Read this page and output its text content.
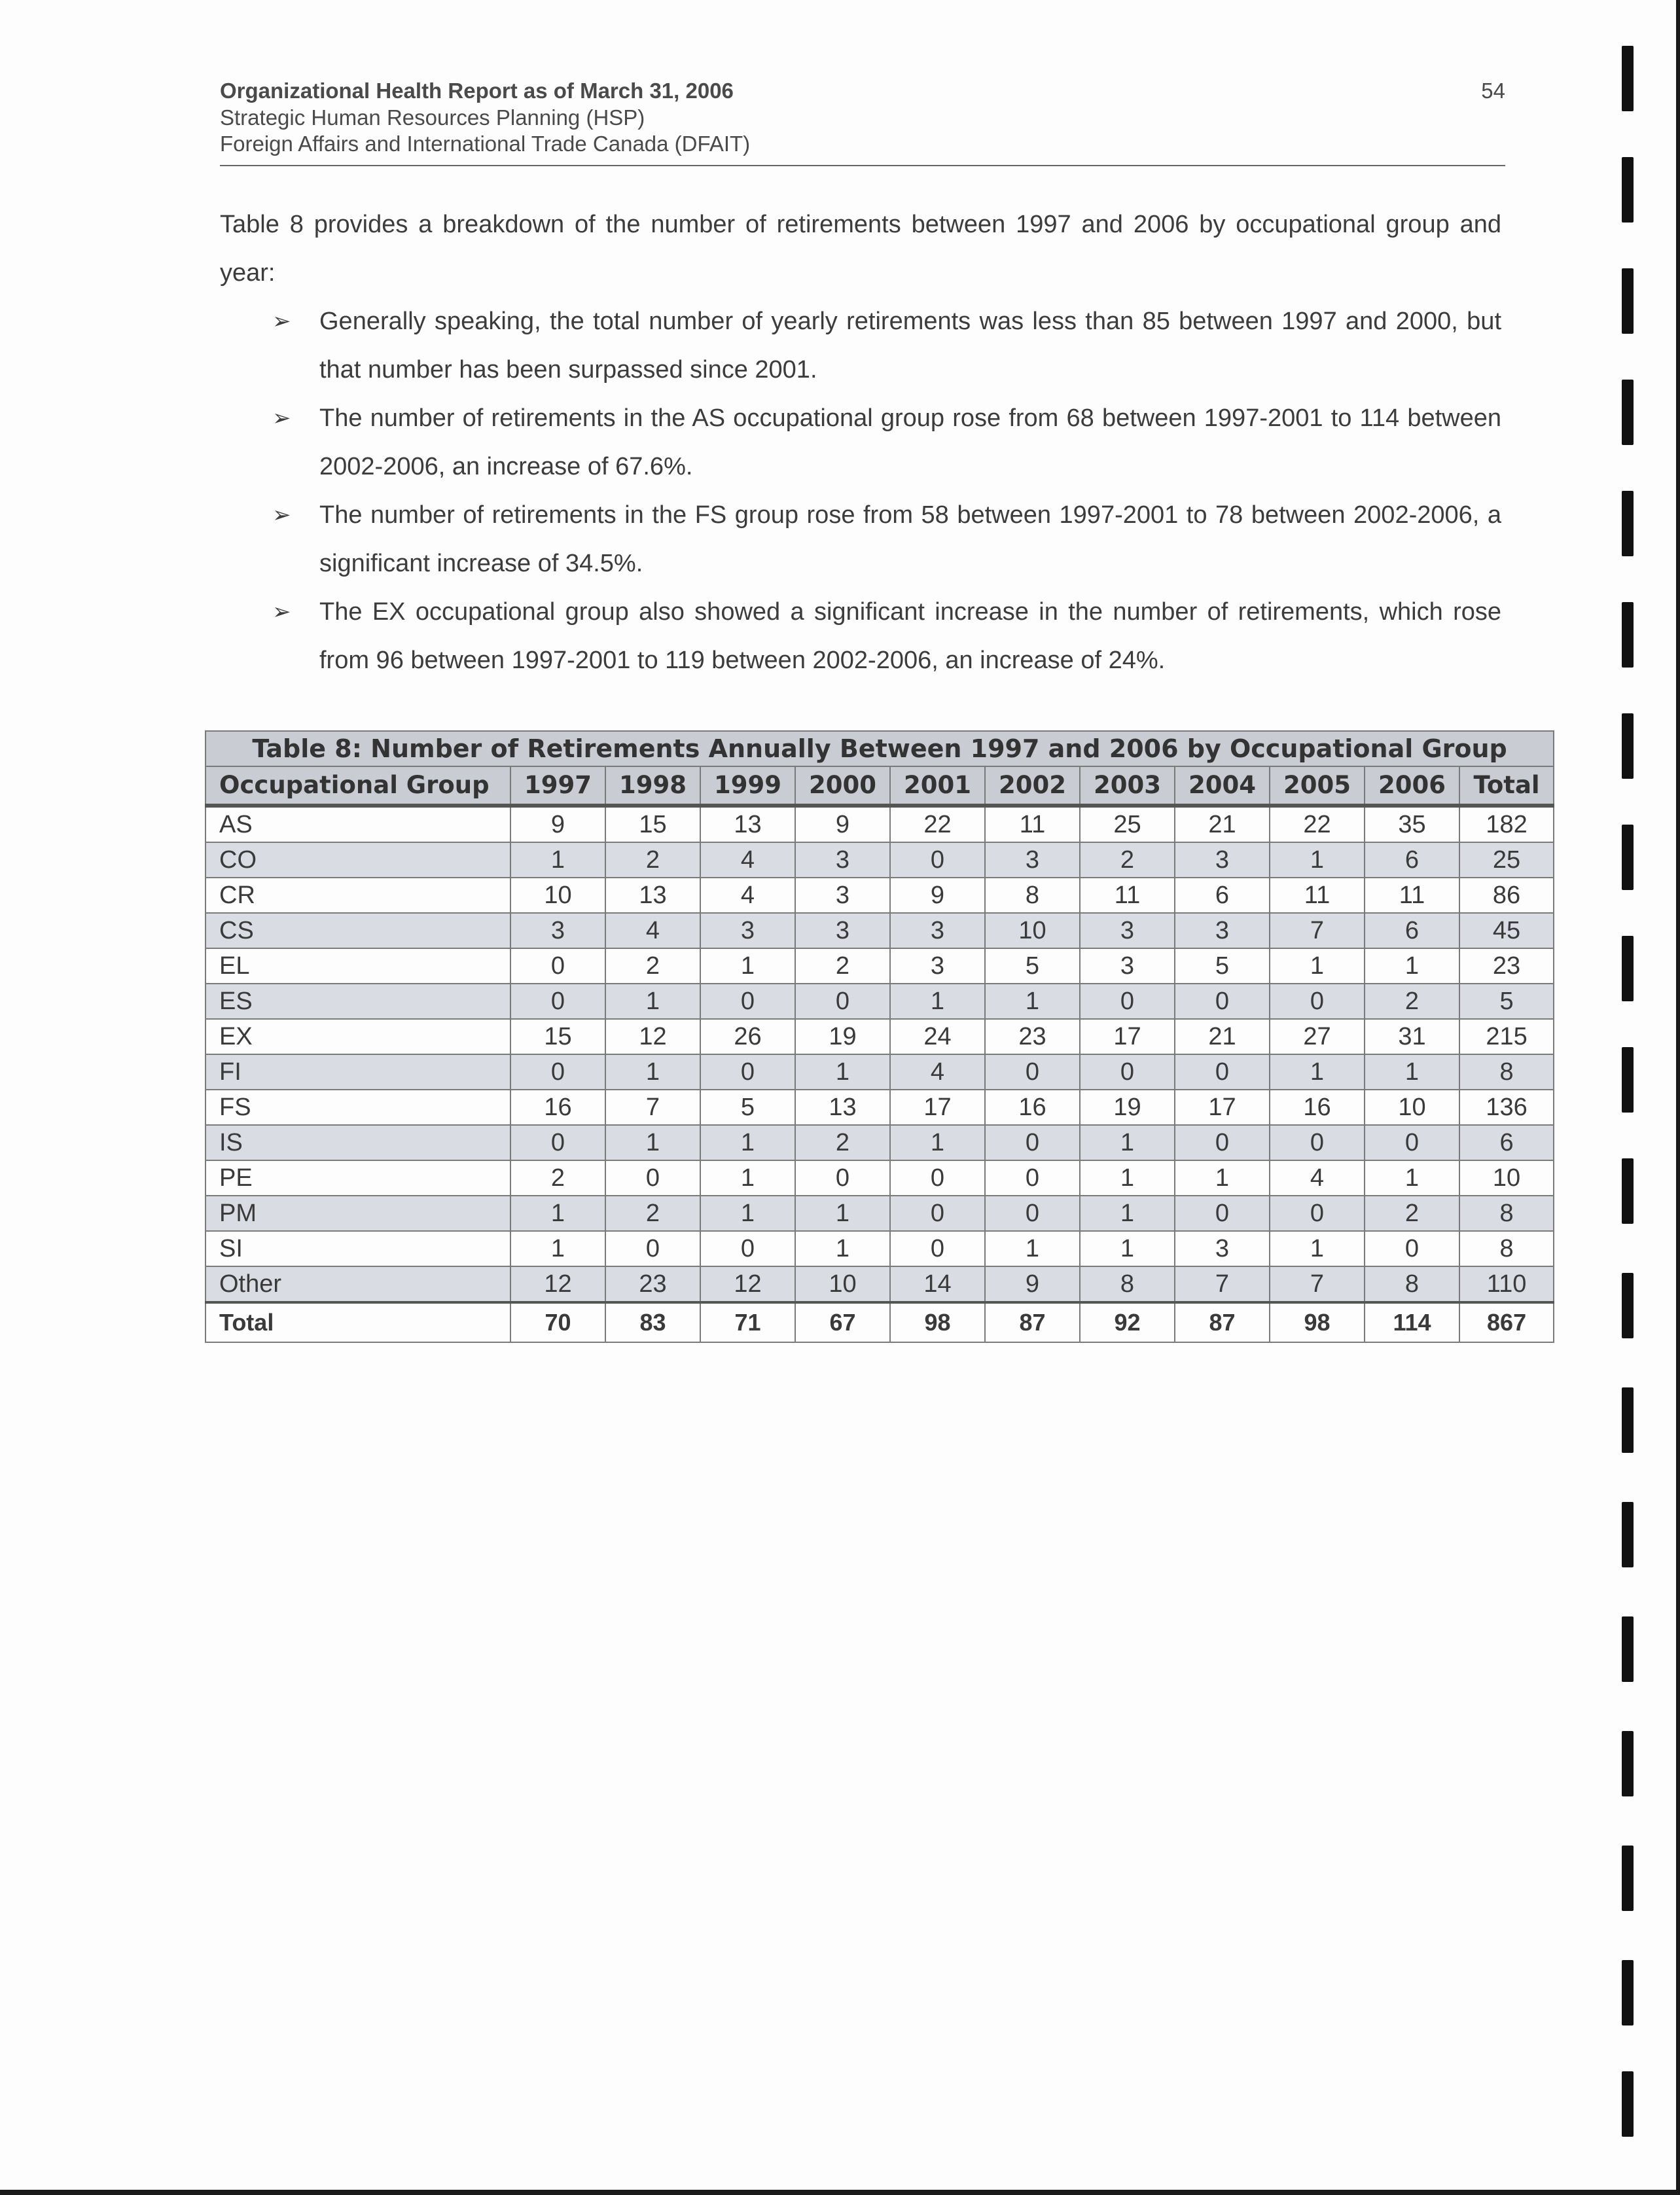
Organizational Health Report as of March 31, 2006
Strategic Human Resources Planning (HSP)
Foreign Affairs and International Trade Canada (DFAIT)
54

Table 8 provides a breakdown of the number of retirements between 1997 and 2006 by occupational group and year:

➢ Generally speaking, the total number of yearly retirements was less than 85 between 1997 and 2000, but that number has been surpassed since 2001.
➢ The number of retirements in the AS occupational group rose from 68 between 1997-2001 to 114 between 2002-2006, an increase of 67.6%.
➢ The number of retirements in the FS group rose from 58 between 1997-2001 to 78 between 2002-2006, a significant increase of 34.5%.
➢ The EX occupational group also showed a significant increase in the number of retirements, which rose from 96 between 1997-2001 to 119 between 2002-2006, an increase of 24%.
Table 8: Number of Retirements Annually Between 1997 and 2006 by Occupational Group											
Occupational Group	1997	1998	1999	2000	2001	2002	2003	2004	2005	2006	Total
AS	9	15	13	9	22	11	25	21	22	35	182
CO	1	2	4	3	0	3	2	3	1	6	25
CR	10	13	4	3	9	8	11	6	11	11	86
CS	3	4	3	3	3	10	3	3	7	6	45
EL	0	2	1	2	3	5	3	5	1	1	23
ES	0	1	0	0	1	1	0	0	0	2	5
EX	15	12	26	19	24	23	17	21	27	31	215
FI	0	1	0	1	4	0	0	0	1	1	8
FS	16	7	5	13	17	16	19	17	16	10	136
IS	0	1	1	2	1	0	1	0	0	0	6
PE	2	0	1	0	0	0	1	1	4	1	10
PM	1	2	1	1	0	0	1	0	0	2	8
SI	1	0	0	1	0	1	1	3	1	0	8
Other	12	23	12	10	14	9	8	7	7	8	110
Total	70	83	71	67	98	87	92	87	98	114	867
